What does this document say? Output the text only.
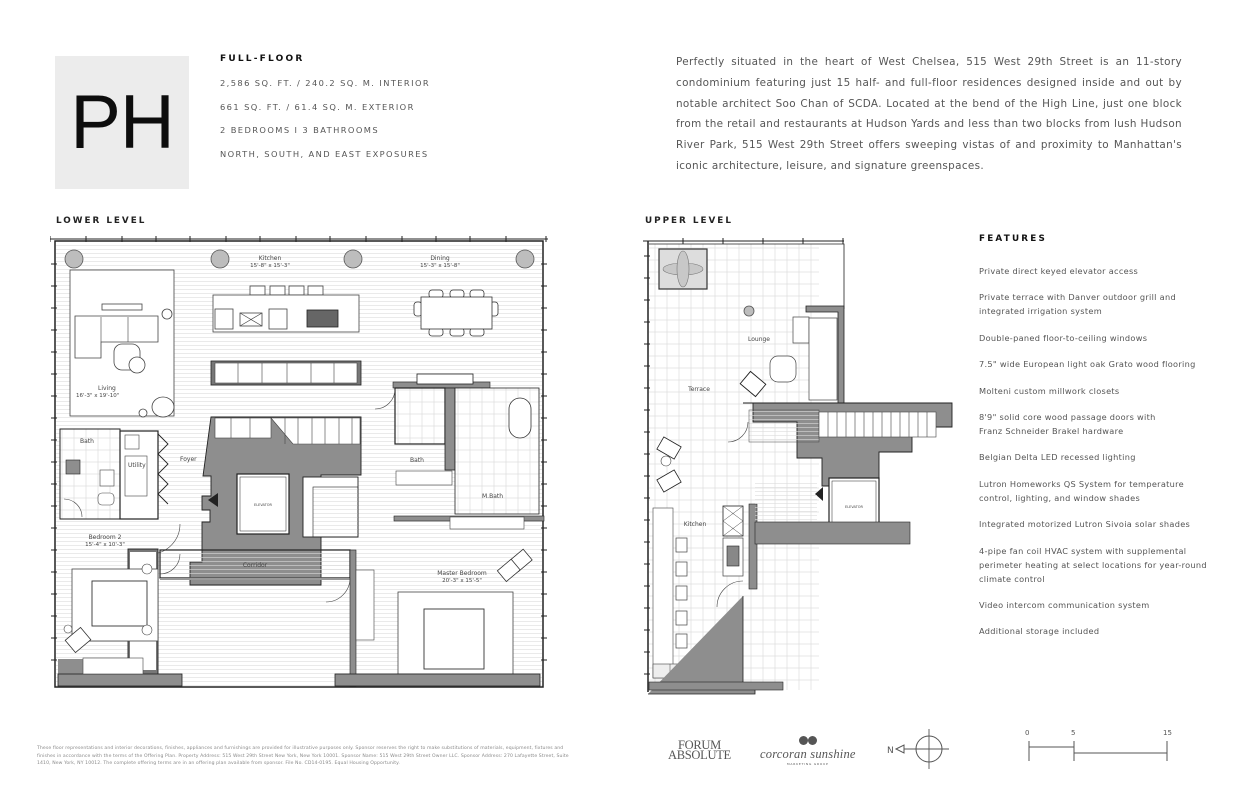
PH
FULL-FLOOR
2,586 SQ. FT. / 240.2 SQ. M. INTERIOR
661 SQ. FT. / 61.4 SQ. M. EXTERIOR
2 BEDROOMS I 3 BATHROOMS
NORTH, SOUTH, AND EAST EXPOSURES

Perfectly situated in the heart of West Chelsea, 515 West 29th Street is an 11-story condominium featuring just 15 half- and full-floor residences designed inside and out by notable architect Soo Chan of SCDA. Located at the bend of the High Line, just one block from the retail and restaurants at Hudson Yards and less than two blocks from lush Hudson River Park, 515 West 29th Street offers sweeping vistas of and proximity to Manhattan's iconic architecture, leisure, and signature greenspaces.

LOWER LEVEL	UPPER LEVEL
Living
16'-3" x 19'-10"
Kitchen
15'-8" x 15'-3"
Dining
15'-3" x 15'-8"
ELEVATOR
Bath
Utility
Foyer
Bedroom 2
15'-4" x 10'-3"
Corridor
Bath
M.Bath
Master Bedroom
20'-3" x 15'-5"
Lounge
Terrace
ELEVATOR
Kitchen
FEATURES
Private direct keyed elevator access
Private terrace with Danver outdoor grill and integrated irrigation system
Double-paned floor-to-ceiling windows
7.5" wide European light oak Grato wood flooring
Molteni custom millwork closets
8'9" solid core wood passage doors with Franz Schneider Brakel hardware
Belgian Delta LED recessed lighting
Lutron Homeworks QS System for temperature control, lighting, and window shades
Integrated motorized Lutron Sivoia solar shades
4-pipe fan coil HVAC system with supplemental perimeter heating at select locations for year-round climate control
Video intercom communication system
Additional storage included

These floor representations and interior decorations, finishes, appliances and furnishings are provided for illustrative purposes only. Sponsor reserves the right to make substitutions of materials, equipment, fixtures and finishes in accordance with the terms of the Offering Plan. Property Address: 515 West 29th Street New York, New York 10001. Sponsor Name: 515 West 29th Street Owner LLC. Sponsor Address: 270 Lafayette Street, Suite 1410, New York, NY 10012. The complete offering terms are in an offering plan available from sponsor. File No. CD14-0195. Equal Housing Opportunity.

FORUM
ABSOLUTE corcoran sunshine
MARKETING GROUP
N
0	5	15
